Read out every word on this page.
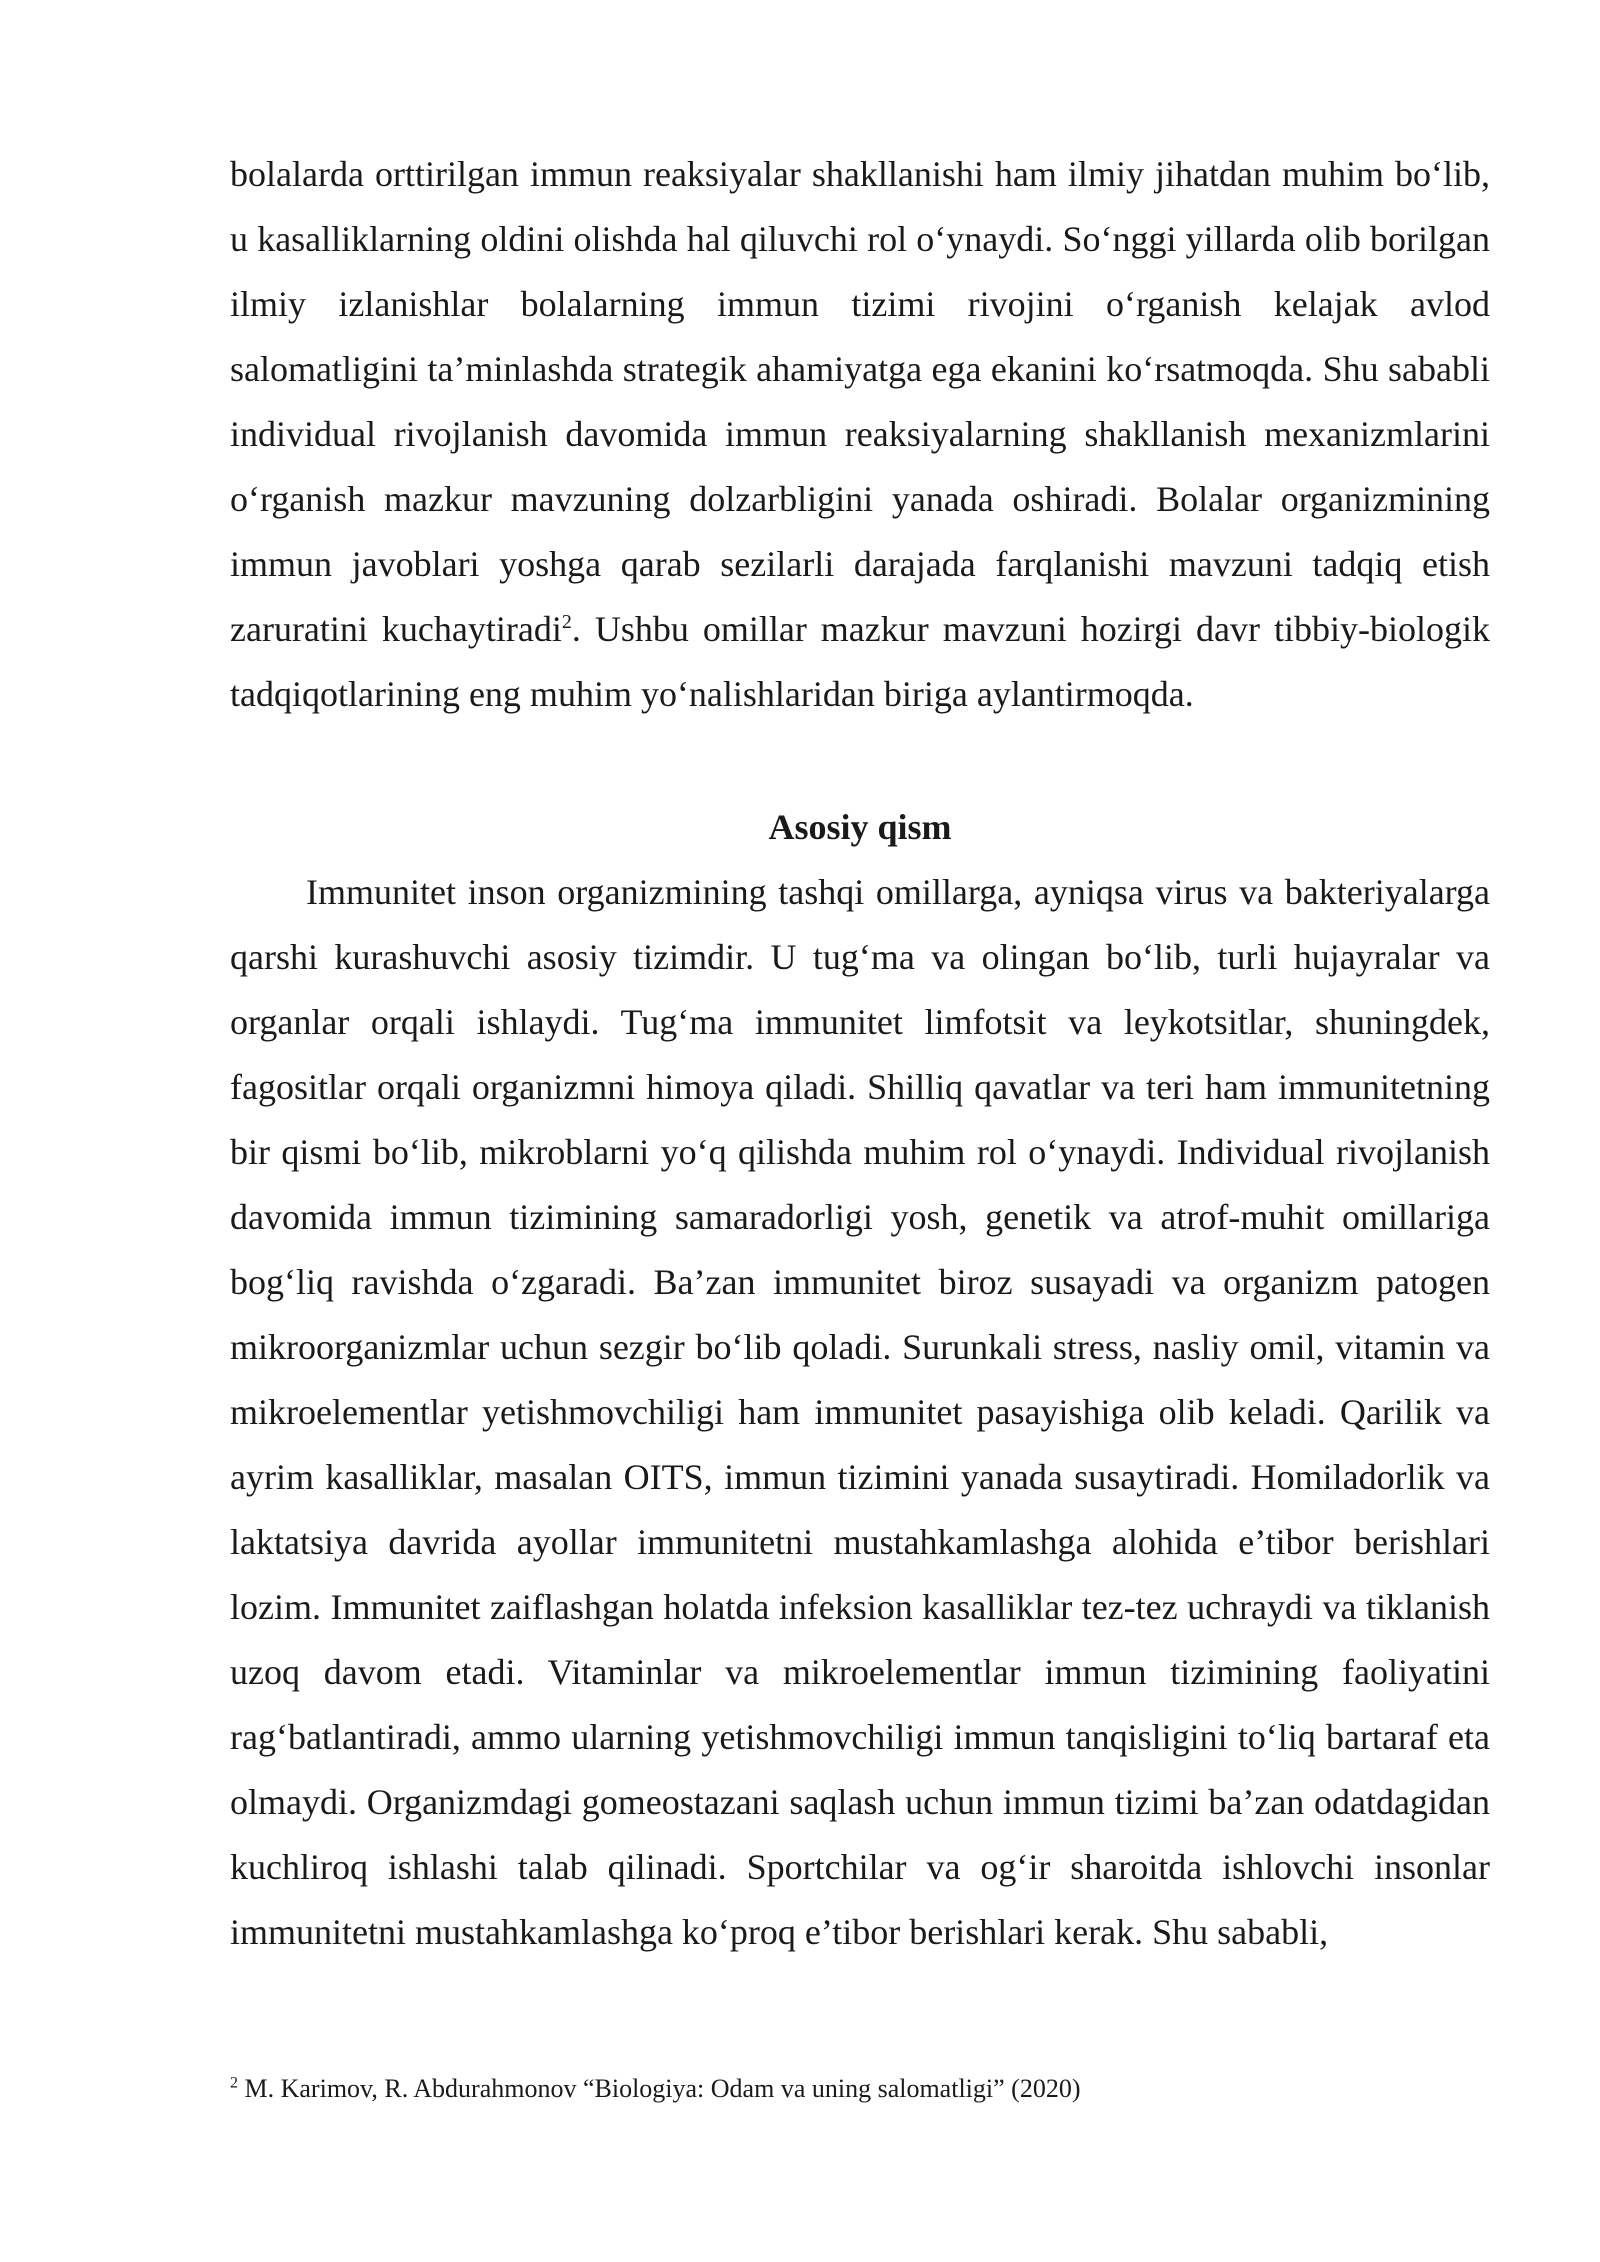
bolalarda orttirilgan immun reaksiyalar shakllanishi ham ilmiy jihatdan muhim bo‘lib, u kasalliklarning oldini olishda hal qiluvchi rol o‘ynaydi. So‘nggi yillarda olib borilgan ilmiy izlanishlar bolalarning immun tizimi rivojini o‘rganish kelajak avlod salomatligini ta’minlashda strategik ahamiyatga ega ekanini ko‘rsatmoqda. Shu sababli individual rivojlanish davomida immun reaksiyalarning shakllanish mexanizmlarini o‘rganish mazkur mavzuning dolzarbligini yanada oshiradi. Bolalar organizmining immun javoblari yoshga qarab sezilarli darajada farqlanishi mavzuni tadqiq etish zaruratini kuchaytiradi$^2$. Ushbu omillar mazkur mavzuni hozirgi davr tibbiy-biologik tadqiqotlarining eng muhim yo‘nalishlaridan biriga aylantirmoqda.

Asosiy qism

Immunitet inson organizmining tashqi omillarga, ayniqsa virus va bakteriyalarga qarshi kurashuvchi asosiy tizimdir. U tug‘ma va olingan bo‘lib, turli hujayralar va organlar orqali ishlaydi. Tug‘ma immunitet limfotsit va leykotsitlar, shuningdek, fagositlar orqali organizmni himoya qiladi. Shilliq qavatlar va teri ham immunitetning bir qismi bo‘lib, mikroblarni yo‘q qilishda muhim rol o‘ynaydi. Individual rivojlanish davomida immun tizimining samaradorligi yosh, genetik va atrof-muhit omillariga bog‘liq ravishda o‘zgaradi. Ba’zan immunitet biroz susayadi va organizm patogen mikroorganizmlar uchun sezgir bo‘lib qoladi. Surunkali stress, nasliy omil, vitamin va mikroelementlar yetishmovchiligi ham immunitet pasayishiga olib keladi. Qarilik va ayrim kasalliklar, masalan OITS, immun tizimini yanada susaytiradi. Homiladorlik va laktatsiya davrida ayollar immunitetni mustahkamlashga alohida e’tibor berishlari lozim. Immunitet zaiflashgan holatda infeksion kasalliklar tez-tez uchraydi va tiklanish uzoq davom etadi. Vitaminlar va mikroelementlar immun tizimining faoliyatini rag‘batlantiradi, ammo ularning yetishmovchiligi immun tanqisligini to‘liq bartaraf eta olmaydi. Organizmdagi gomeostazani saqlash uchun immun tizimi ba’zan odatdagidan kuchliroq ishlashi talab qilinadi. Sportchilar va og‘ir sharoitda ishlovchi insonlar immunitetni mustahkamlashga ko‘proq e’tibor berishlari kerak. Shu sababli,

$^2$ M. Karimov, R. Abdurahmonov “Biologiya: Odam va uning salomatligi” (2020)
